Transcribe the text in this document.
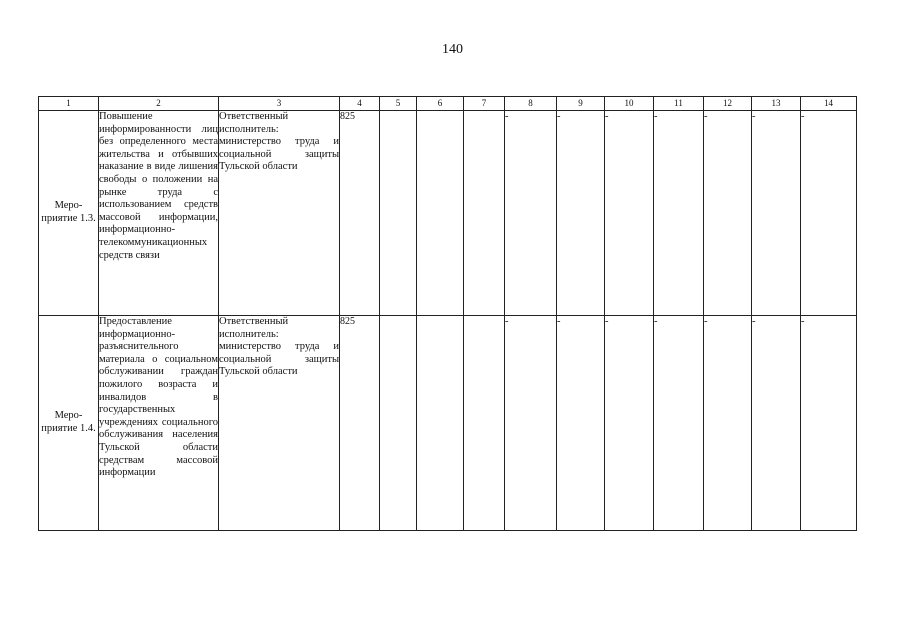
140
1	2	3	4	5	6	7	8	9	10	11	12	13	14
Меро-приятие 1.3.	Повышение информированности лиц без определенного места жительства и отбывших наказание в виде лишения свободы о положении на рынке труда с использованием средств массовой информации, информационно-телекоммуникационных средств связи	Ответственный исполнитель: министерство труда и социальной защиты Тульской области	825				-	-	-	-	-	-	-
Меро-приятие 1.4.	Предоставление информационно-разъяснительного материала о социальном обслуживании граждан пожилого возраста и инвалидов в государственных учреждениях социального обслуживания населения Тульской области средствам массовой информации	Ответственный исполнитель: министерство труда и социальной защиты Тульской области	825				-	-	-	-	-	-	-
